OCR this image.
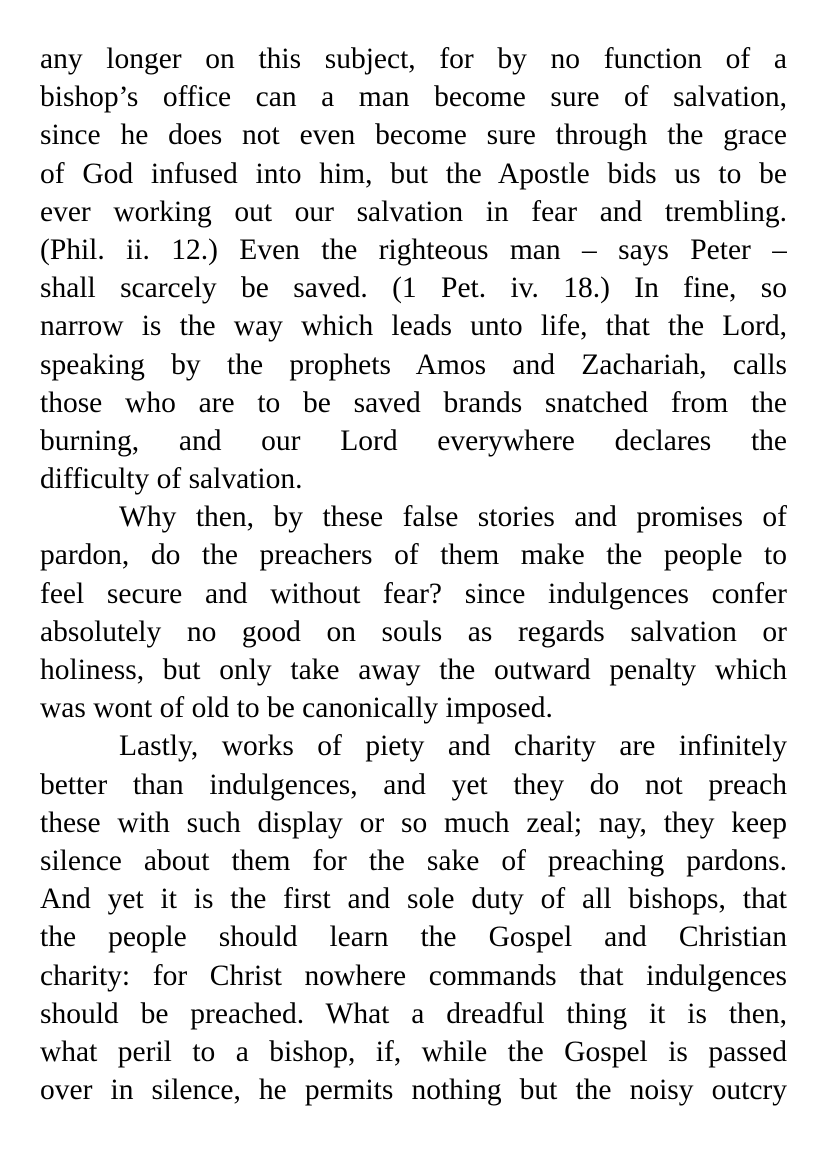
any longer on this subject, for by no function of a
bishop’s office can a man become sure of salvation,
since he does not even become sure through the grace
of God infused into him, but the Apostle bids us to be
ever working out our salvation in fear and trembling.
(Phil. ii. 12.) Even the righteous man – says Peter –
shall scarcely be saved. (1 Pet. iv. 18.) In fine, so
narrow is the way which leads unto life, that the Lord,
speaking by the prophets Amos and Zachariah, calls
those who are to be saved brands snatched from the
burning, and our Lord everywhere declares the
difficulty of salvation.
Why then, by these false stories and promises of
pardon, do the preachers of them make the people to
feel secure and without fear? since indulgences confer
absolutely no good on souls as regards salvation or
holiness, but only take away the outward penalty which
was wont of old to be canonically imposed.
Lastly, works of piety and charity are infinitely
better than indulgences, and yet they do not preach
these with such display or so much zeal; nay, they keep
silence about them for the sake of preaching pardons.
And yet it is the first and sole duty of all bishops, that
the people should learn the Gospel and Christian
charity: for Christ nowhere commands that indulgences
should be preached. What a dreadful thing it is then,
what peril to a bishop, if, while the Gospel is passed
over in silence, he permits nothing but the noisy outcry
